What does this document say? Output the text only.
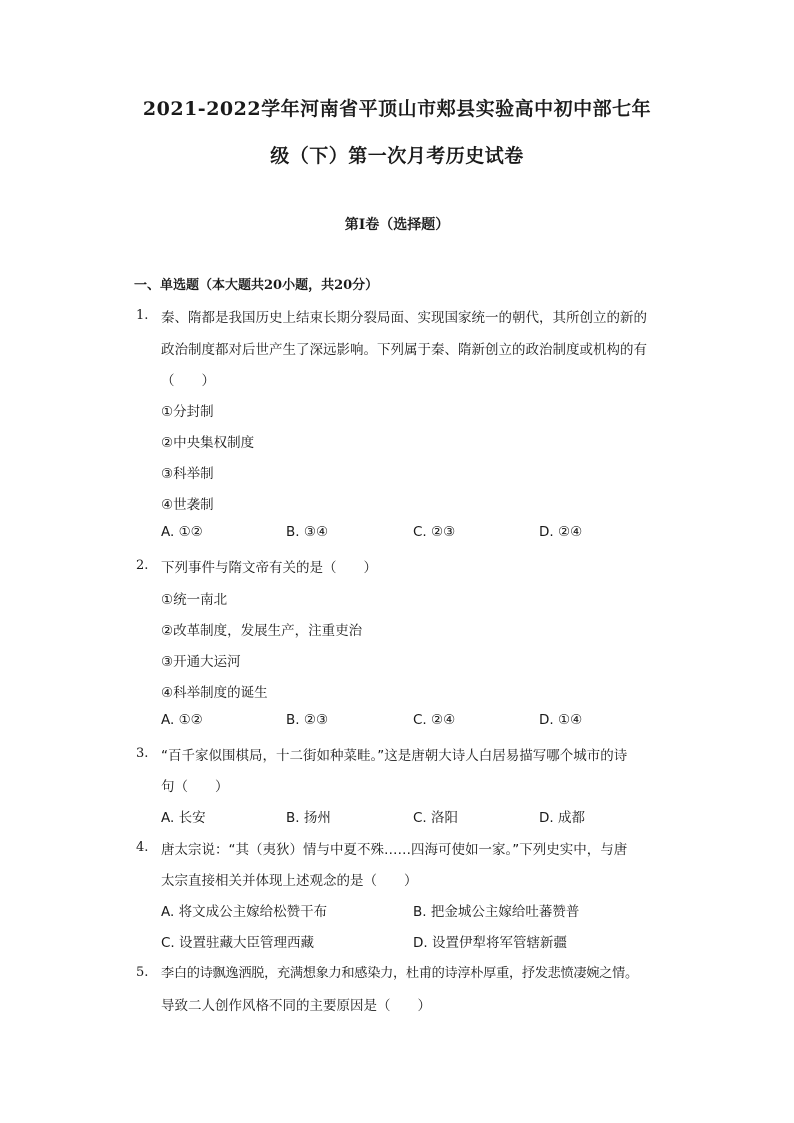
2021-2022学年河南省平顶山市郏县实验高中初中部七年
级（下）第一次月考历史试卷
第I卷（选择题）
一、单选题（本大题共20小题，共20分）
1. 秦、隋都是我国历史上结束长期分裂局面、实现国家统一的朝代，其所创立的新的
政治制度都对后世产生了深远影响。下列属于秦、隋新创立的政治制度或机构的有
（　　）
①分封制
②中央集权制度
③科举制
④世袭制
A. ①②	B. ③④	C. ②③	D. ②④
2. 下列事件与隋文帝有关的是（　　）
①统一南北
②改革制度，发展生产，注重吏治
③开通大运河
④科举制度的诞生
A. ①②	B. ②③	C. ②④	D. ①④
3. “百千家似围棋局，十二街如种菜畦。”这是唐朝大诗人白居易描写哪个城市的诗
句（　　）
A. 长安	B. 扬州	C. 洛阳	D. 成都
4. 唐太宗说：“其（夷狄）情与中夏不殊……四海可使如一家。”下列史实中，与唐
太宗直接相关并体现上述观念的是（　　）
A. 将文成公主嫁给松赞干布	B. 把金城公主嫁给吐蕃赞普
C. 设置驻藏大臣管理西藏	D. 设置伊犁将军管辖新疆
5. 李白的诗飘逸洒脱，充满想象力和感染力，杜甫的诗淳朴厚重，抒发悲愤凄婉之情。
导致二人创作风格不同的主要原因是（　　）
